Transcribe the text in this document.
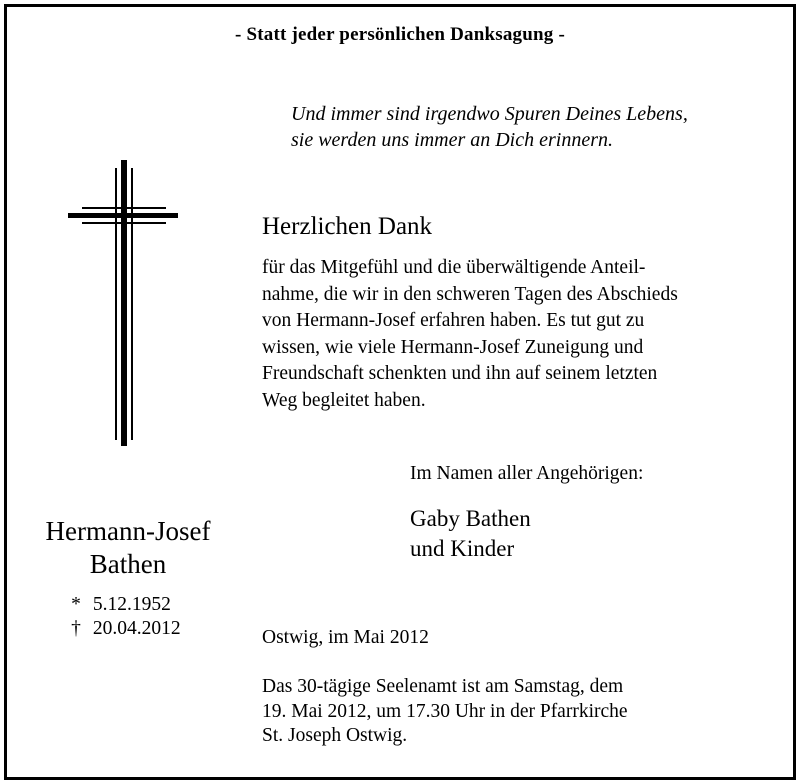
- Statt jeder persönlichen Danksagung -
Und immer sind irgendwo Spuren Deines Lebens,
sie werden uns immer an Dich erinnern.
Herzlichen Dank
für das Mitgefühl und die überwältigende Anteil-
nahme, die wir in den schweren Tagen des Abschieds
von Hermann-Josef erfahren haben. Es tut gut zu
wissen, wie viele Hermann-Josef Zuneigung und
Freundschaft schenkten und ihn auf seinem letzten
Weg begleitet haben.
Im Namen aller Angehörigen:
Gaby Bathen
und Kinder
Hermann-Josef
Bathen
* 5.12.1952
† 20.04.2012	Ostwig, im Mai 2012
Das 30-tägige Seelenamt ist am Samstag, dem
19. Mai 2012, um 17.30 Uhr in der Pfarrkirche
St. Joseph Ostwig.
